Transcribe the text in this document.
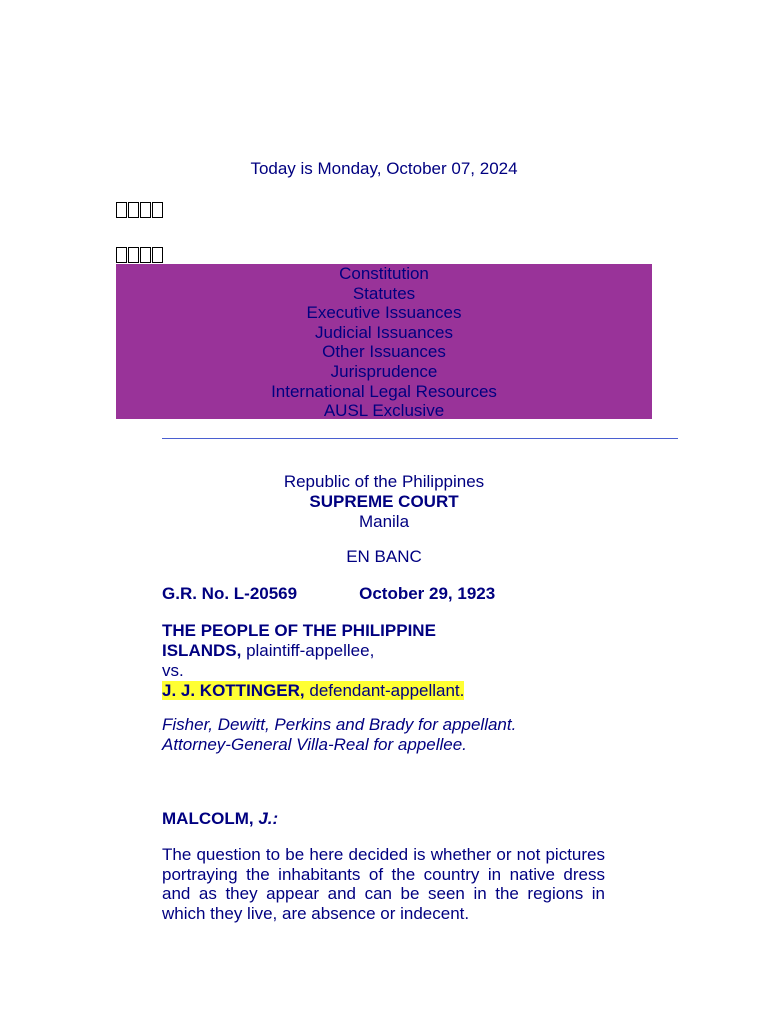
Today is Monday, October 07, 2024
Constitution
Statutes
Executive Issuances
Judicial Issuances
Other Issuances
Jurisprudence
International Legal Resources
AUSL Exclusive
Republic of the Philippines
SUPREME COURT
Manila
EN BANC
G.R. No. L-20569	October 29, 1923
THE PEOPLE OF THE PHILIPPINE
ISLANDS, plaintiff-appellee,
vs.
J. J. KOTTINGER, defendant-appellant.
Fisher, Dewitt, Perkins and Brady for appellant.
Attorney-General Villa-Real for appellee.
MALCOLM, J.:
The question to be here decided is whether or not pictures portraying the inhabitants of the country in native dress and as they appear and can be seen in the regions in which they live, are absence or indecent.
